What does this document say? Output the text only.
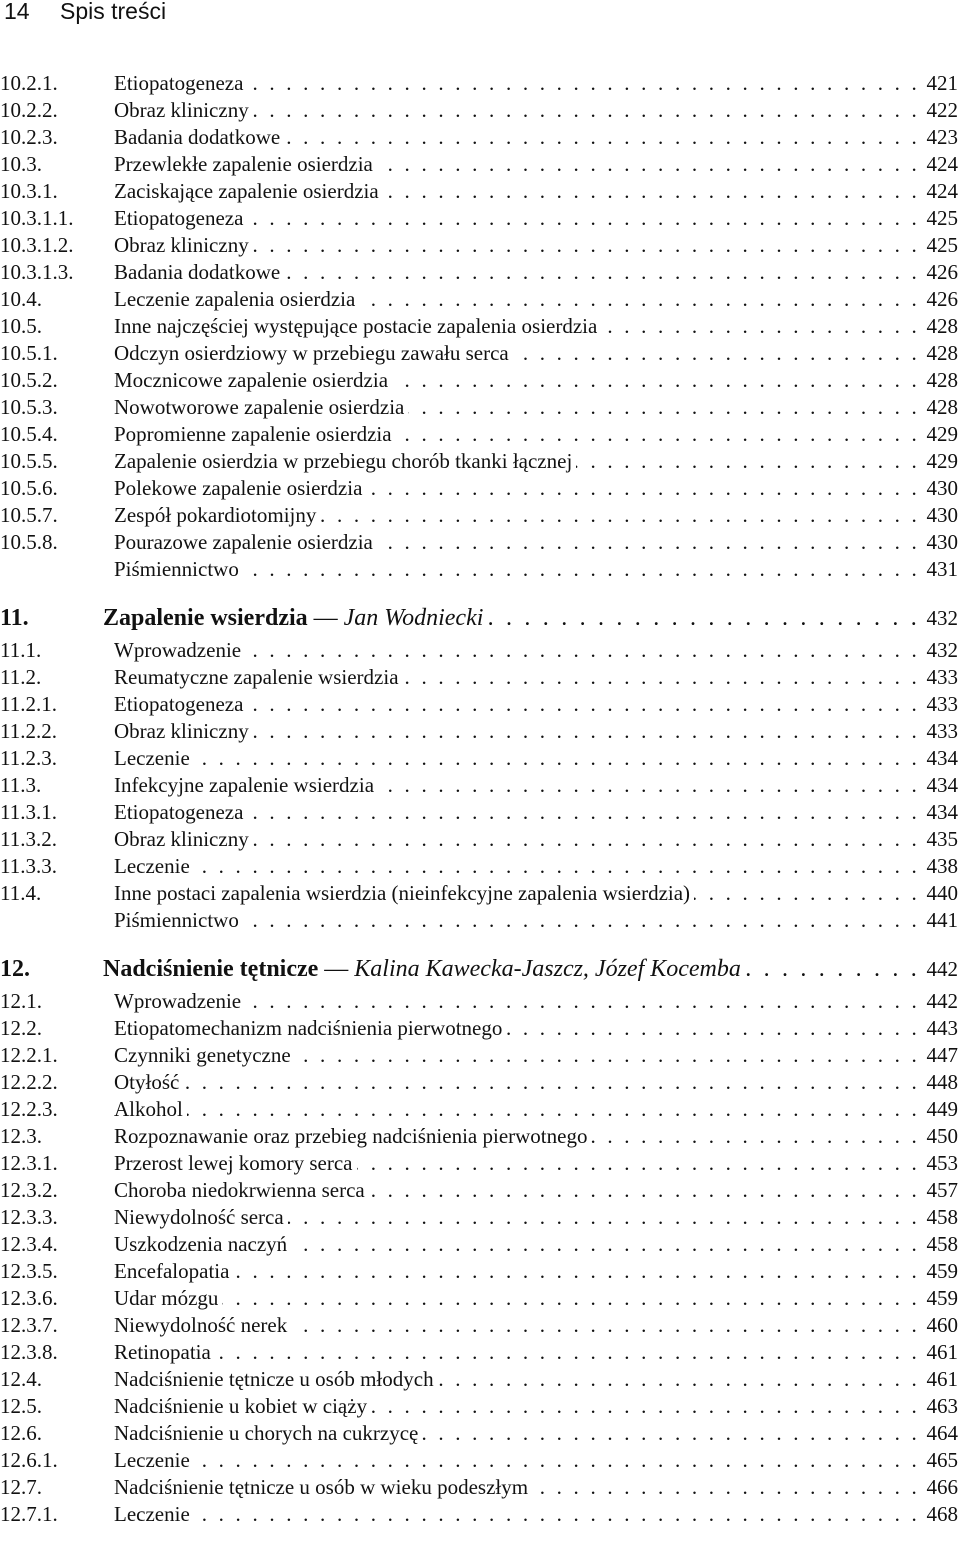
14 Spis treści
10.2.1.	Etiopatogeneza . . .	421
10.2.2.	Obraz kliniczny . . .	422
10.2.3.	Badania dodatkowe . . .	423
10.3.	Przewlekłe zapalenie osierdzia . . .	424
10.3.1.	Zaciskające zapalenie osierdzia . . .	424
10.3.1.1. Etiopatogeneza . . .	425
10.3.1.2. Obraz kliniczny . . .	425
10.3.1.3. Badania dodatkowe . . .	426
10.4.	Leczenie zapalenia osierdzia . . .	426
10.5.	Inne najczęściej występujące postacie zapalenia osierdzia . . .	428
10.5.1.	Odczyn osierdziowy w przebiegu zawału serca . . .	428
10.5.2.	Mocznicowe zapalenie osierdzia . . .	428
10.5.3.	Nowotworowe zapalenie osierdzia . . .	428
10.5.4.	Popromienne zapalenie osierdzia . . .	429
10.5.5.	Zapalenie osierdzia w przebiegu chorób tkanki łącznej . . .	429
10.5.6.	Polekowe zapalenie osierdzia . . .	430
10.5.7.	Zespół pokardiotomijny . . .	430
10.5.8.	Pourazowe zapalenie osierdzia . . .	430
Piśmiennictwo . . .	431
11.	Zapalenie wsierdzia — Jan Wodniecki . . .	432
11.1.	Wprowadzenie . . .	432
11.2.	Reumatyczne zapalenie wsierdzia . . .	433
11.2.1.	Etiopatogeneza . . .	433
11.2.2.	Obraz kliniczny . . .	433
11.2.3.	Leczenie . . .	434
11.3.	Infekcyjne zapalenie wsierdzia . . .	434
11.3.1.	Etiopatogeneza . . .	434
11.3.2.	Obraz kliniczny . . .	435
11.3.3.	Leczenie . . .	438
11.4.	Inne postaci zapalenia wsierdzia (nieinfekcyjne zapalenia wsierdzia) . . .	440
Piśmiennictwo . . .	441
12.	Nadciśnienie tętnicze — Kalina Kawecka-Jaszcz, Józef Kocemba . . .	442
12.1.	Wprowadzenie . . .	442
12.2.	Etiopatomechanizm nadciśnienia pierwotnego . . .	443
12.2.1.	Czynniki genetyczne . . .	447
12.2.2.	Otyłość . . .	448
12.2.3.	Alkohol . . .	449
12.3.	Rozpoznawanie oraz przebieg nadciśnienia pierwotnego . . .	450
12.3.1.	Przerost lewej komory serca . . .	453
12.3.2.	Choroba niedokrwienna serca . . .	457
12.3.3.	Niewydolność serca . . .	458
12.3.4.	Uszkodzenia naczyń . . .	458
12.3.5.	Encefalopatia . . .	459
12.3.6.	Udar mózgu . . .	459
12.3.7.	Niewydolność nerek . . .	460
12.3.8.	Retinopatia . . .	461
12.4.	Nadciśnienie tętnicze u osób młodych . . .	461
12.5.	Nadciśnienie u kobiet w ciąży . . .	463
12.6.	Nadciśnienie u chorych na cukrzycę . . .	464
12.6.1.	Leczenie . . .	465
12.7.	Nadciśnienie tętnicze u osób w wieku podeszłym . . .	466
12.7.1.	Leczenie . . .	468
